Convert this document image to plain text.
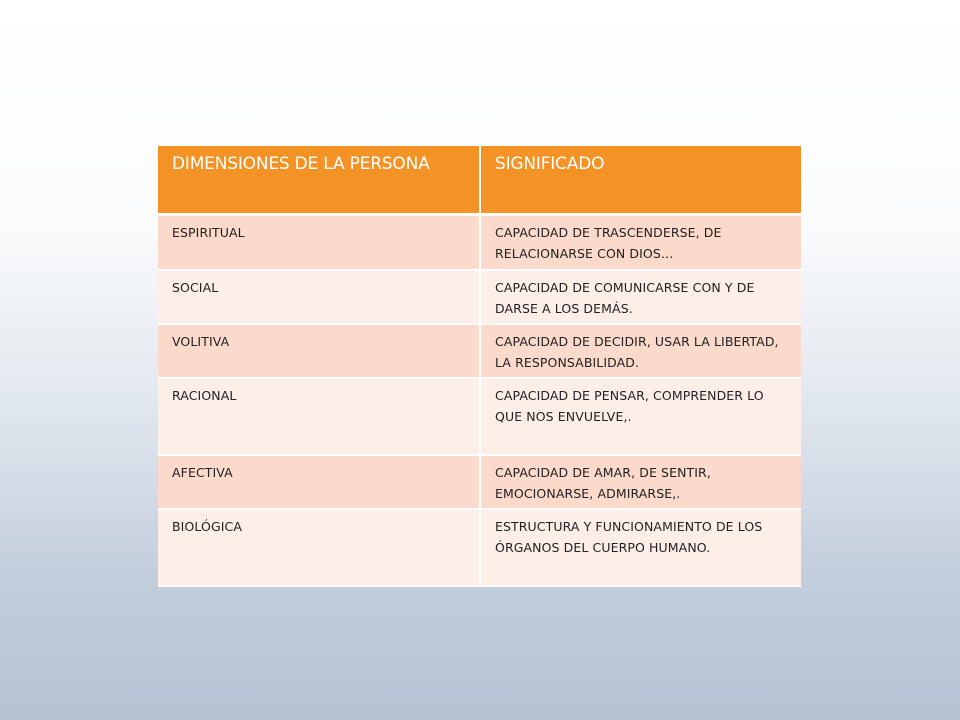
DIMENSIONES DE LA PERSONA	SIGNIFICADO
ESPIRITUAL	CAPACIDAD DE TRASCENDERSE, DE RELACIONARSE CON DIOS…
SOCIAL	CAPACIDAD DE COMUNICARSE CON Y DE DARSE A LOS DEMÁS.
VOLITIVA	CAPACIDAD DE DECIDIR, USAR LA LIBERTAD, LA RESPONSABILIDAD.
RACIONAL	CAPACIDAD DE PENSAR, COMPRENDER LO QUE NOS ENVUELVE,.
AFECTIVA	CAPACIDAD DE AMAR, DE SENTIR, EMOCIONARSE, ADMIRARSE,.
BIOLÓGICA	ESTRUCTURA Y FUNCIONAMIENTO DE LOS ÓRGANOS DEL CUERPO HUMANO.
